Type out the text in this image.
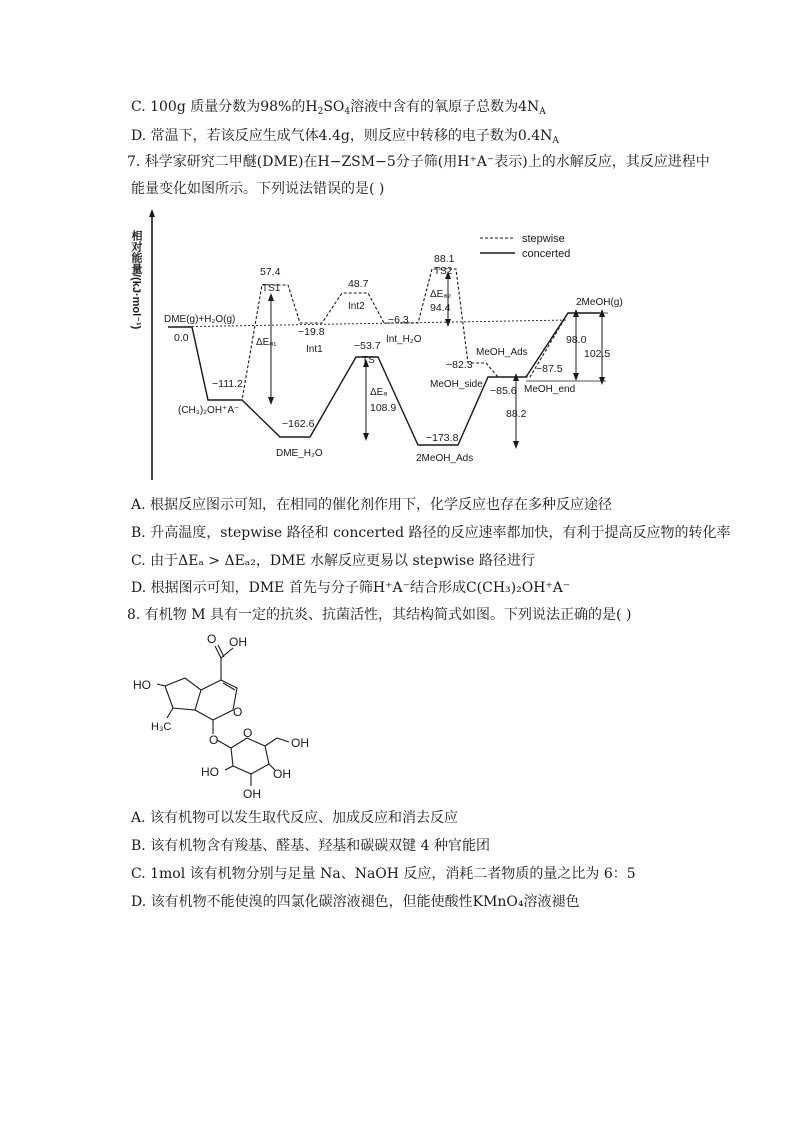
C. 100g 质量分数为98%的$H_2SO_4$溶液中含有的氧原子总数为$4N_A$
D. 常温下，若该反应生成气体4.4g，则反应中转移的电子数为$0.4N_A$
7. 科学家研究二甲醚(DME)在H−ZSM−5分子筛(用H⁺A⁻表示)上的水解反应，其反应进程中
能量变化如图所示。下列说法错误的是( )
相对能量/(kJ·mol⁻¹)	stepwise
concerted
DME(g)+H₂O(g)
0.0
−111.2
(CH₃)₂OH⁺A⁻
57.4
TS1
−19.8
Int1
48.7
Int2
−6.3
Int_H₂O
88.1
TS2
ΔEₐ₂
94.4
−162.6
DME_H₂O
−53.7
TS
ΔEₐ
108.9
ΔEₐ₁
−173.8
2MeOH_Ads
−82.3
MeOH_Ads
MeOH_side
−85.6
−87.5
MeOH_end
2MeOH(g)
98.0
102.5
88.2
A. 根据反应图示可知，在相同的催化剂作用下，化学反应也存在多种反应途径
B. 升高温度，stepwise 路径和 concerted 路径的反应速率都加快，有利于提高反应物的转化率
C. 由于ΔEₐ > ΔEₐ₂，DME 水解反应更易以 stepwise 路径进行
D. 根据图示可知，DME 首先与分子筛H⁺A⁻结合形成C(CH₃)₂OH⁺A⁻
8. 有机物 M 具有一定的抗炎、抗菌活性，其结构简式如图。下列说法正确的是( )
OH
O
HO
H₃C
O
O O
OH
HO	OH
OH
A. 该有机物可以发生取代反应、加成反应和消去反应
B. 该有机物含有羧基、醛基、羟基和碳碳双键 4 种官能团
C. 1mol 该有机物分别与足量 Na、NaOH 反应，消耗二者物质的量之比为 6：5
D. 该有机物不能使溴的四氯化碳溶液褪色，但能使酸性KMnO₄溶液褪色
